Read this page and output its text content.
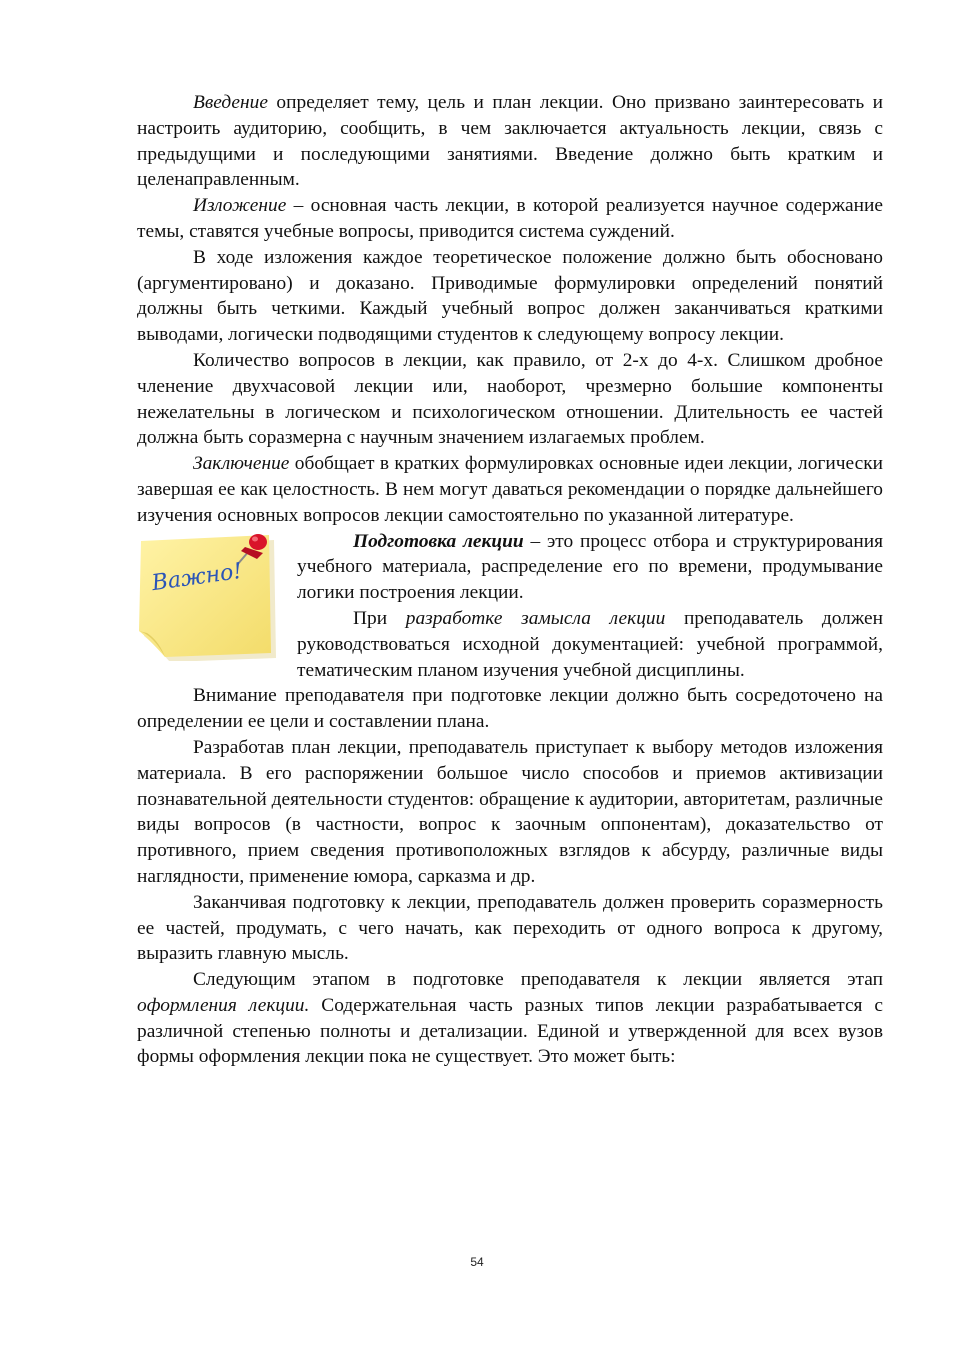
Введение определяет тему, цель и план лекции. Оно призвано заинтересовать и настроить аудиторию, сообщить, в чем заключается актуальность лекции, связь с предыдущими и последующими занятиями. Введение должно быть кратким и целенаправленным.

Изложение – основная часть лекции, в которой реализуется научное содержание темы, ставятся учебные вопросы, приводится система суждений.

В ходе изложения каждое теоретическое положение должно быть обосновано (аргументировано) и доказано. Приводимые формулировки определений понятий должны быть четкими. Каждый учебный вопрос должен заканчиваться краткими выводами, логически подводящими студентов к следующему вопросу лекции.

Количество вопросов в лекции, как правило, от 2-х до 4-х. Слишком дробное членение двухчасовой лекции или, наоборот, чрезмерно большие компоненты нежелательны в логическом и психологическом отношении. Длительность ее частей должна быть соразмерна с научным значением излагаемых проблем.

Заключение обобщает в кратких формулировках основные идеи лекции, логически завершая ее как целостность. В нем могут даваться рекомендации о порядке дальнейшего изучения основных вопросов лекции самостоятельно по указанной литературе.

Важно!

Подготовка лекции – это процесс отбора и структурирования учебного материала, распределение его по времени, продумывание логики построения лекции.

При разработке замысла лекции преподаватель должен руководствоваться исходной документацией: учебной программой, тематическим планом изучения учебной дисциплины.

Внимание преподавателя при подготовке лекции должно быть сосредоточено на определении ее цели и составлении плана.

Разработав план лекции, преподаватель приступает к выбору методов изложения материала. В его распоряжении большое число способов и приемов активизации познавательной деятельности студентов: обращение к аудитории, авторитетам, различные виды вопросов (в частности, вопрос к заочным оппонентам), доказательство от противного, прием сведения противоположных взглядов к абсурду, различные виды наглядности, применение юмора, сарказма и др.

Заканчивая подготовку к лекции, преподаватель должен проверить соразмерность ее частей, продумать, с чего начать, как переходить от одного вопроса к другому, выразить главную мысль.

Следующим этапом в подготовке преподавателя к лекции является этап оформления лекции. Содержательная часть разных типов лекции разрабатывается с различной степенью полноты и детализации. Единой и утвержденной для всех вузов формы оформления лекции пока не существует. Это может быть:

54
